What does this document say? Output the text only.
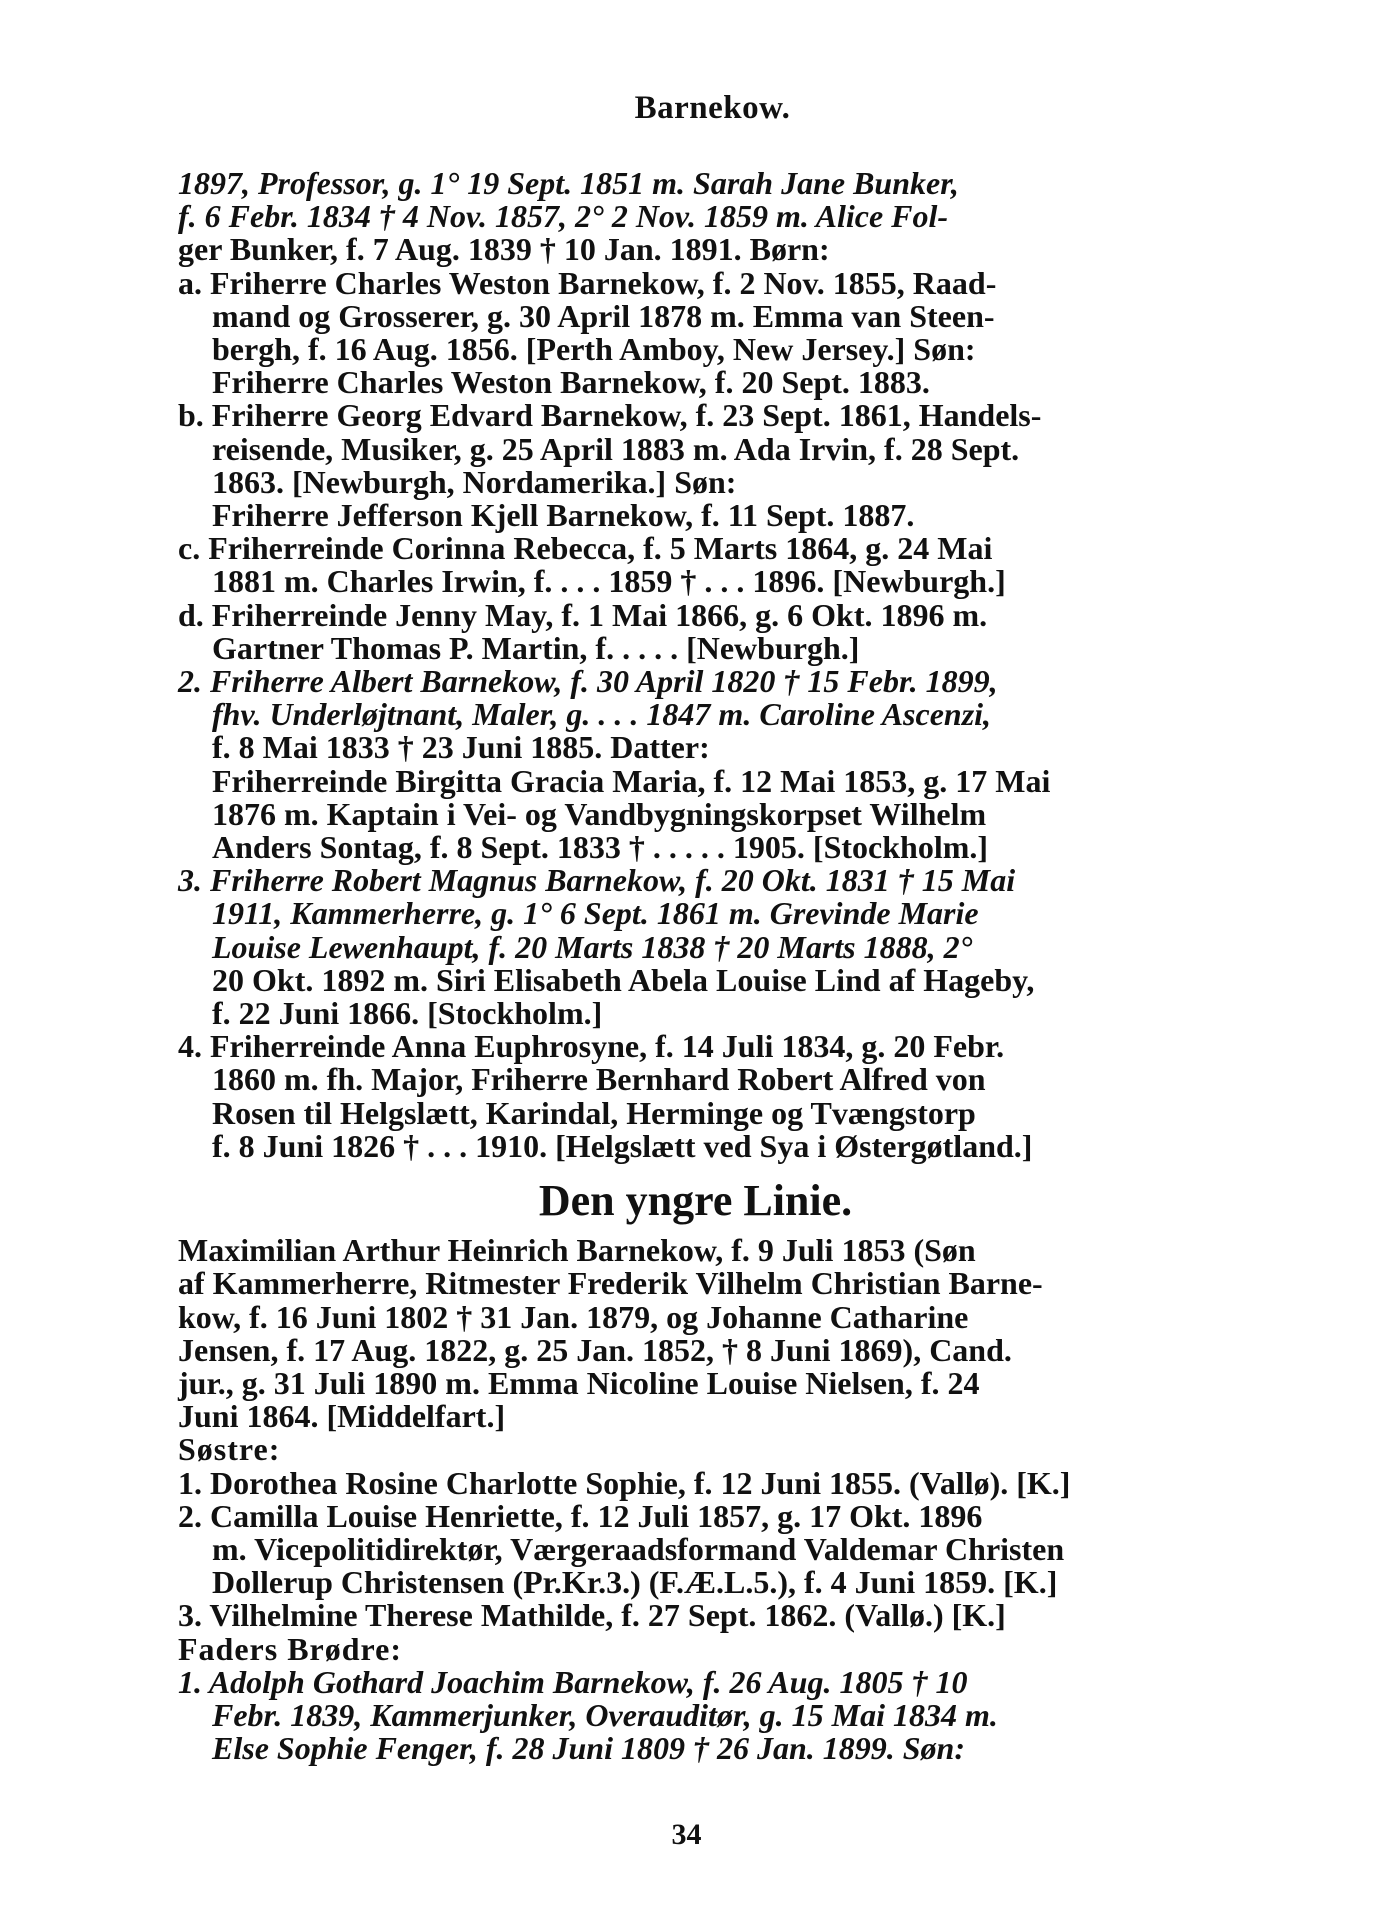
Barnekow.
1897, Professor, g. 1° 19 Sept. 1851 m. Sarah Jane Bunker,
f. 6 Febr. 1834 † 4 Nov. 1857, 2° 2 Nov. 1859 m. Alice Fol-
ger Bunker, f. 7 Aug. 1839 † 10 Jan. 1891. Børn:
a. Friherre Charles Weston Barnekow, f. 2 Nov. 1855, Raad-
mand og Grosserer, g. 30 April 1878 m. Emma van Steen-
bergh, f. 16 Aug. 1856. [Perth Amboy, New Jersey.] Søn:
Friherre Charles Weston Barnekow, f. 20 Sept. 1883.
b. Friherre Georg Edvard Barnekow, f. 23 Sept. 1861, Handels-
reisende, Musiker, g. 25 April 1883 m. Ada Irvin, f. 28 Sept.
1863. [Newburgh, Nordamerika.] Søn:
Friherre Jefferson Kjell Barnekow, f. 11 Sept. 1887.
c. Friherreinde Corinna Rebecca, f. 5 Marts 1864, g. 24 Mai
1881 m. Charles Irwin, f. . . . 1859 † . . . 1896. [Newburgh.]
d. Friherreinde Jenny May, f. 1 Mai 1866, g. 6 Okt. 1896 m.
Gartner Thomas P. Martin, f. . . . . [Newburgh.]
2. Friherre Albert Barnekow, f. 30 April 1820 † 15 Febr. 1899,
fhv. Underløjtnant, Maler, g. . . . 1847 m. Caroline Ascenzi,
f. 8 Mai 1833 † 23 Juni 1885. Datter:
Friherreinde Birgitta Gracia Maria, f. 12 Mai 1853, g. 17 Mai
1876 m. Kaptain i Vei- og Vandbygningskorpset Wilhelm
Anders Sontag, f. 8 Sept. 1833 † . . . . . 1905. [Stockholm.]
3. Friherre Robert Magnus Barnekow, f. 20 Okt. 1831 † 15 Mai
1911, Kammerherre, g. 1° 6 Sept. 1861 m. Grevinde Marie
Louise Lewenhaupt, f. 20 Marts 1838 † 20 Marts 1888, 2°
20 Okt. 1892 m. Siri Elisabeth Abela Louise Lind af Hageby,
f. 22 Juni 1866. [Stockholm.]
4. Friherreinde Anna Euphrosyne, f. 14 Juli 1834, g. 20 Febr.
1860 m. fh. Major, Friherre Bernhard Robert Alfred von
Rosen til Helgslætt, Karindal, Herminge og Tvængstorp
f. 8 Juni 1826 † . . . 1910. [Helgslætt ved Sya i Østergøtland.]
Den yngre Linie.
Maximilian Arthur Heinrich Barnekow, f. 9 Juli 1853 (Søn
af Kammerherre, Ritmester Frederik Vilhelm Christian Barne-
kow, f. 16 Juni 1802 † 31 Jan. 1879, og Johanne Catharine
Jensen, f. 17 Aug. 1822, g. 25 Jan. 1852, † 8 Juni 1869), Cand.
jur., g. 31 Juli 1890 m. Emma Nicoline Louise Nielsen, f. 24
Juni 1864. [Middelfart.]
Søstre:
1. Dorothea Rosine Charlotte Sophie, f. 12 Juni 1855. (Vallø). [K.]
2. Camilla Louise Henriette, f. 12 Juli 1857, g. 17 Okt. 1896
m. Vicepolitidirektør, Værgeraadsformand Valdemar Christen
Dollerup Christensen (Pr.Kr.3.) (F.Æ.L.5.), f. 4 Juni 1859. [K.]
3. Vilhelmine Therese Mathilde, f. 27 Sept. 1862. (Vallø.) [K.]
Faders Brødre:
1. Adolph Gothard Joachim Barnekow, f. 26 Aug. 1805 † 10
Febr. 1839, Kammerjunker, Overauditør, g. 15 Mai 1834 m.
Else Sophie Fenger, f. 28 Juni 1809 † 26 Jan. 1899. Søn:
34
